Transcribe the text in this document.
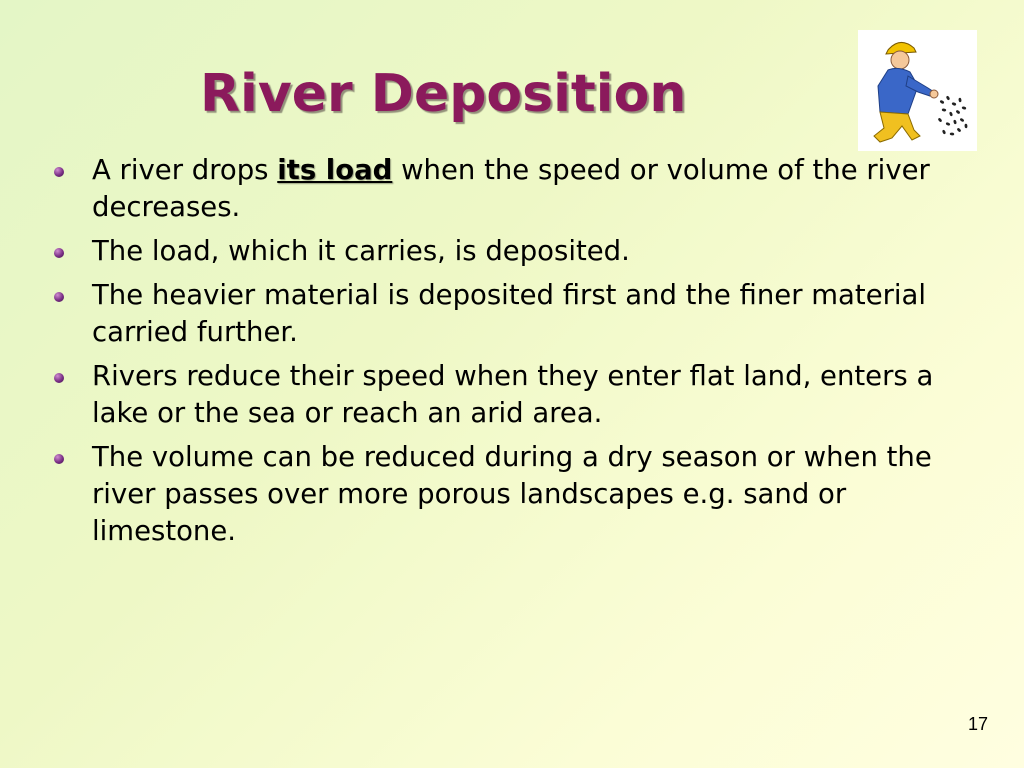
River Deposition
A river drops its load when the speed or volume of the river decreases.
The load, which it carries, is deposited.
The heavier material is deposited first and the finer material carried further.
Rivers reduce their speed when they enter flat land, enters a lake or the sea or reach an arid area.
The volume can be reduced during a dry season or when the river passes over more porous landscapes e.g. sand or limestone.
17
